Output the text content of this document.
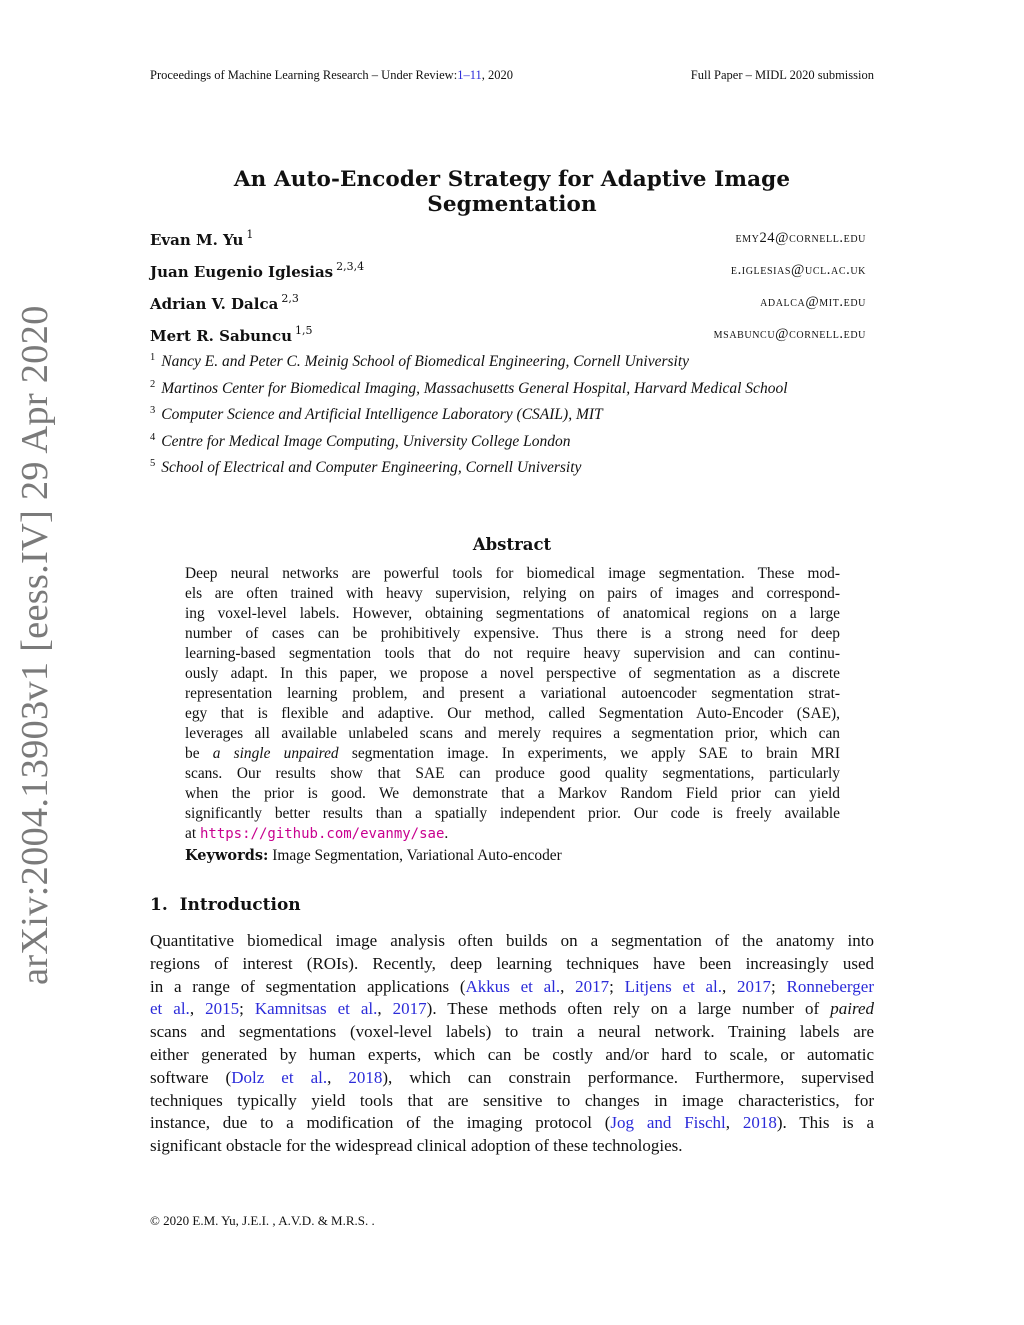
Proceedings of Machine Learning Research – Under Review:1–11, 2020	Full Paper – MIDL 2020 submission
arXiv:2004.13903v1 [eess.IV] 29 Apr 2020
An Auto-Encoder Strategy for Adaptive Image Segmentation
Evan M. Yu $^1$	emy24@cornell.edu
Juan Eugenio Iglesias $^{2,3,4}$	e.iglesias@ucl.ac.uk
Adrian V. Dalca $^{2,3}$	adalca@mit.edu
Mert R. Sabuncu $^{1,5}$	msabuncu@cornell.edu
$^1$ Nancy E. and Peter C. Meinig School of Biomedical Engineering, Cornell University
$^2$ Martinos Center for Biomedical Imaging, Massachusetts General Hospital, Harvard Medical School
$^3$ Computer Science and Artificial Intelligence Laboratory (CSAIL), MIT
$^4$ Centre for Medical Image Computing, University College London
$^5$ School of Electrical and Computer Engineering, Cornell University
Abstract
Deep neural networks are powerful tools for biomedical image segmentation. These mod-
els are often trained with heavy supervision, relying on pairs of images and correspond-
ing voxel-level labels. However, obtaining segmentations of anatomical regions on a large
number of cases can be prohibitively expensive. Thus there is a strong need for deep
learning-based segmentation tools that do not require heavy supervision and can continu-
ously adapt. In this paper, we propose a novel perspective of segmentation as a discrete
representation learning problem, and present a variational autoencoder segmentation strat-
egy that is flexible and adaptive. Our method, called Segmentation Auto-Encoder (SAE),
leverages all available unlabeled scans and merely requires a segmentation prior, which can
be a single unpaired segmentation image. In experiments, we apply SAE to brain MRI
scans. Our results show that SAE can produce good quality segmentations, particularly
when the prior is good. We demonstrate that a Markov Random Field prior can yield
significantly better results than a spatially independent prior. Our code is freely available
at https://github.com/evanmy/sae.
Keywords: Image Segmentation, Variational Auto-encoder
1. Introduction
Quantitative biomedical image analysis often builds on a segmentation of the anatomy into
regions of interest (ROIs). Recently, deep learning techniques have been increasingly used
in a range of segmentation applications (Akkus et al., 2017; Litjens et al., 2017; Ronneberger
et al., 2015; Kamnitsas et al., 2017). These methods often rely on a large number of paired
scans and segmentations (voxel-level labels) to train a neural network. Training labels are
either generated by human experts, which can be costly and/or hard to scale, or automatic
software (Dolz et al., 2018), which can constrain performance. Furthermore, supervised
techniques typically yield tools that are sensitive to changes in image characteristics, for
instance, due to a modification of the imaging protocol (Jog and Fischl, 2018). This is a
significant obstacle for the widespread clinical adoption of these technologies.
© 2020 E.M. Yu, J.E.I. , A.V.D. & M.R.S. .
